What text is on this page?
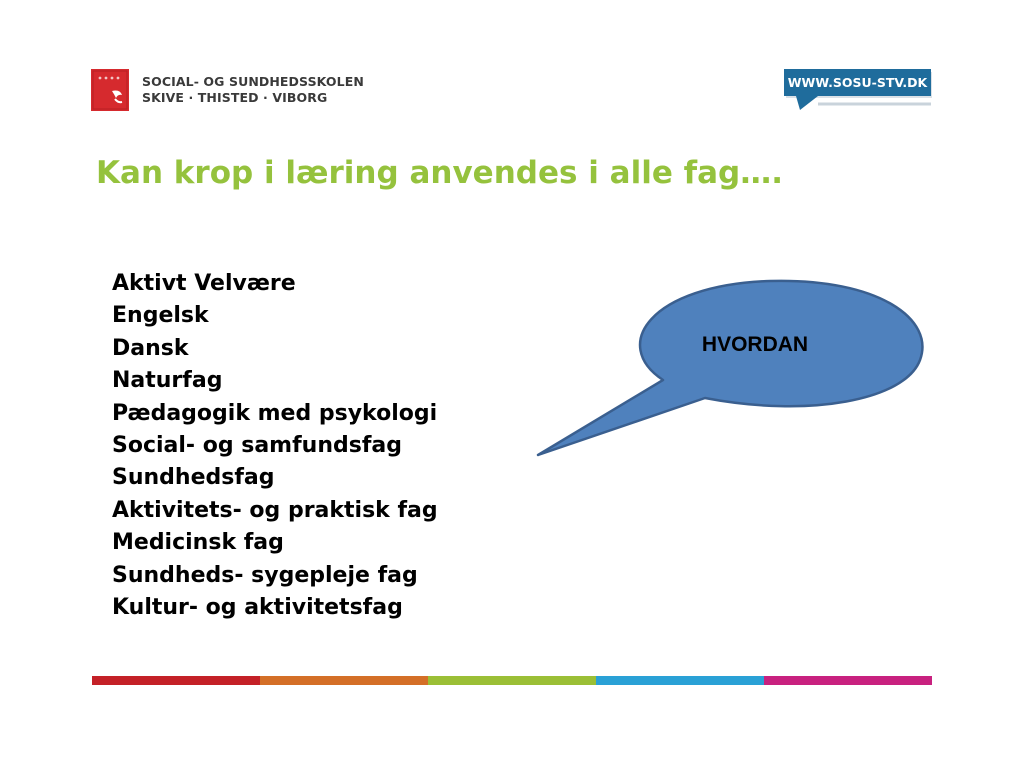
SOCIAL- OG SUNDHEDSSKOLEN
SKIVE · THISTED · VIBORG
WWW.SOSU-STV.DK
Kan krop i læring anvendes i alle fag….
Aktivt Velvære
Engelsk
Dansk
Naturfag
Pædagogik med psykologi
Social- og samfundsfag
Sundhedsfag
Aktivitets- og praktisk fag
Medicinsk fag
Sundheds- sygepleje fag
Kultur- og aktivitetsfag
HVORDAN
